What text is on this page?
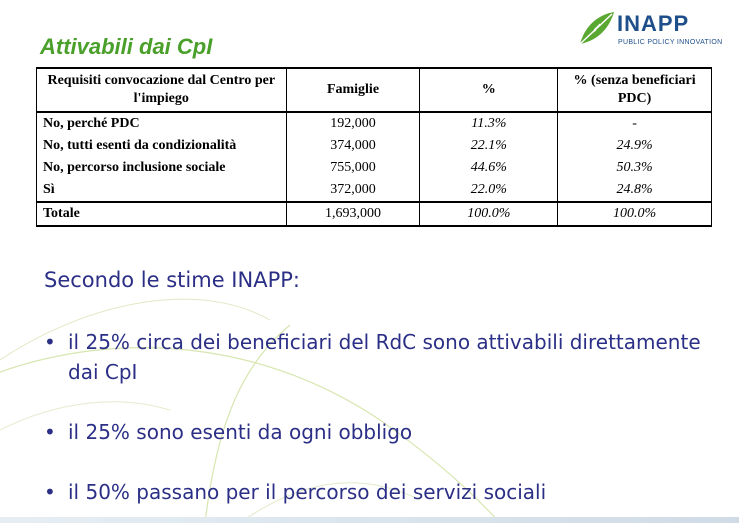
Attivabili dai CpI
INAPP
PUBLIC POLICY INNOVATION
Requisiti convocazione dal Centro per l'impiego	Famiglie	%	% (senza beneficiari PDC)
No, perché PDC	192,000	11.3%	-
No, tutti esenti da condizionalità	374,000	22.1%	24.9%
No, percorso inclusione sociale	755,000	44.6%	50.3%
Sì	372,000	22.0%	24.8%
Totale	1,693,000	100.0%	100.0%
Secondo le stime INAPP:
• il 25% circa dei beneficiari del RdC sono attivabili direttamente dai CpI
• il 25% sono esenti da ogni obbligo
• il 50% passano per il percorso dei servizi sociali
